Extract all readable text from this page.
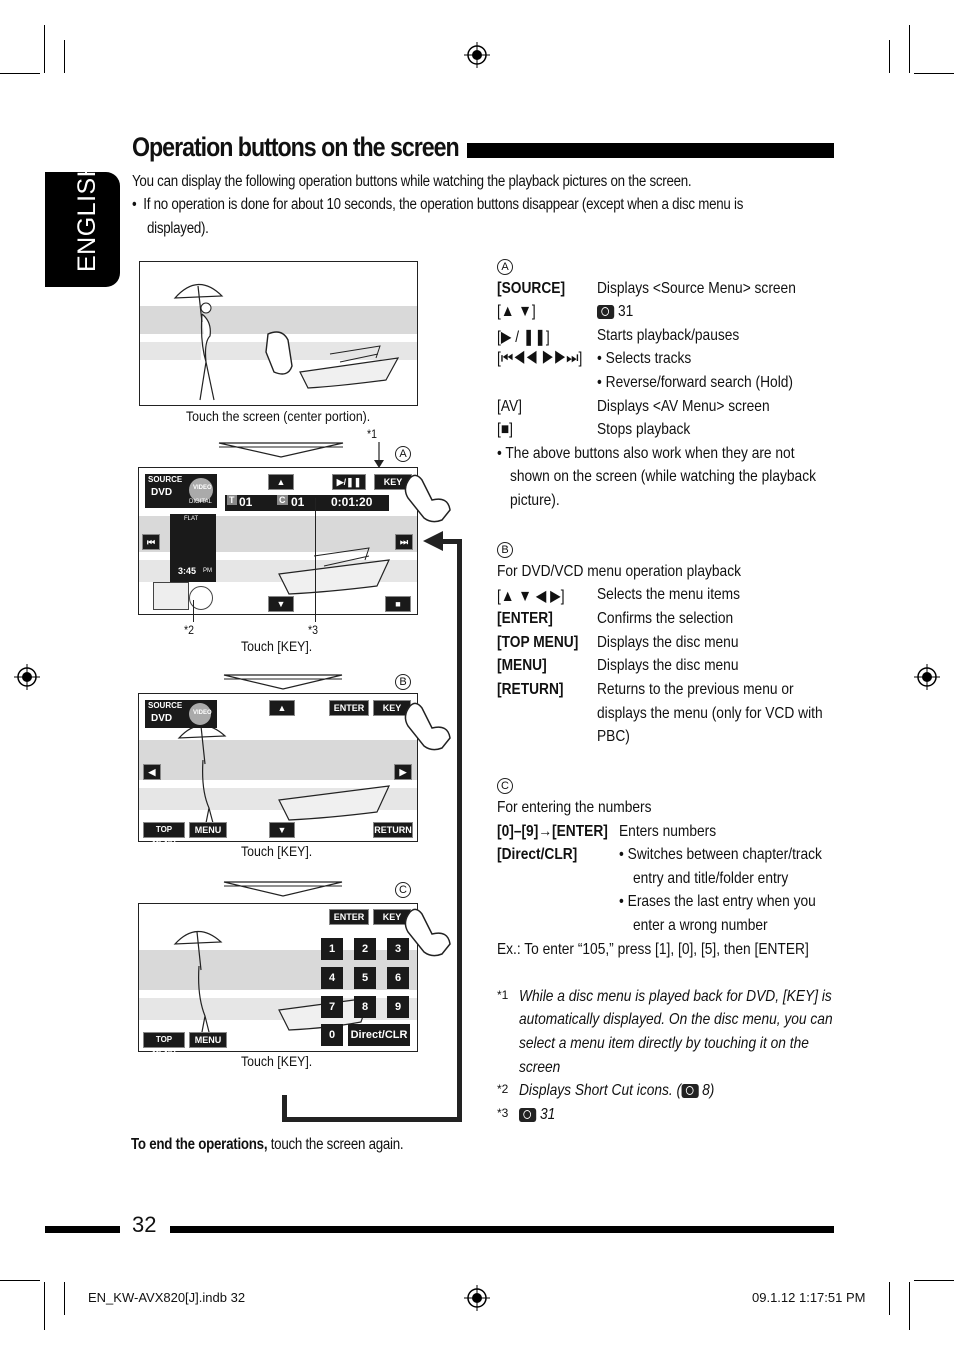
Operation buttons on the screen
ENGLISH You can display the following operation buttons while watching the playback pictures on the screen.
•  If no operation is done for about 10 seconds, the operation buttons disappear (except when a disc menu is
displayed).
Touch the screen (center portion).
*1
A
SOURCE
DVD	VIDEO
DIGITAL
▲	▶/❚❚	KEY
T 01	C 01 0:01:20
FLAT
3:45 PM
⏮	⏭
▼	■
*2	*3
Touch [KEY].
B
SOURCE
DVD	VIDEO	▲	ENTER	KEY
◀	▶
TOP MENU
MENU	▼	RETURN
Touch [KEY].
C
ENTER	KEY
1	2	3
4	5	6
7	8	9
0	Direct/CLR
TOP MENU
MENU
Touch [KEY].
To end the operations, touch the screen again.
A
[SOURCE] Displays <Source Menu> screen
[▲ ▼]	31
[▶ / ❚❚]	Starts playback/pauses
[⏮◀◀ ▶▶⏭] • Selects tracks
• Reverse/forward search (Hold)
[AV]	Displays <AV Menu> screen
[■]	Stops playback
• The above buttons also work when they are not
shown on the screen (while watching the playback
picture).
B
For DVD/VCD menu operation playback
[▲ ▼ ◀ ▶] Selects the menu items
[ENTER]	Confirms the selection
[TOP MENU] Displays the disc menu
[MENU]	Displays the disc menu
[RETURN] Returns to the previous menu or
displays the menu (only for VCD with
PBC)
C
For entering the numbers
[0]–[9]→[ENTER] Enters numbers
[Direct/CLR]	• Switches between chapter/track
entry and title/folder entry
• Erases the last entry when you
enter a wrong number
Ex.: To enter “105,” press [1], [0], [5], then [ENTER]
*1 While a disc menu is played back for DVD, [KEY] is
automatically displayed. On the disc menu, you can
select a menu item directly by touching it on the
screen
*2 Displays Short Cut icons. ( 8)
*3	31
32
EN_KW-AVX820[J].indb 32	09.1.12 1:17:51 PM
